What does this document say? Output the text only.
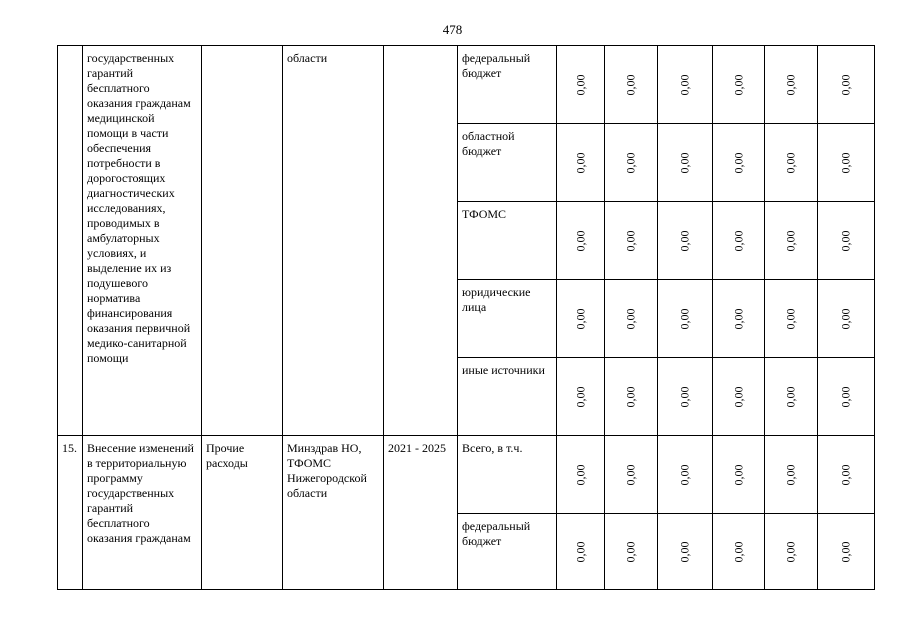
478
	государственных гарантий бесплатного оказания гражданам медицинской помощи в части обеспечения потребности в дорогостоящих диагностических исследованиях, проводимых в амбулаторных условиях, и выделение их из подушевого норматива финансирования оказания первичной медико-санитарной помощи		области		федеральный бюджет	0,00	0,00	0,00	0,00	0,00	0,00

					областной бюджет	0,00	0,00	0,00	0,00	0,00	0,00

					ТФОМС	0,00	0,00	0,00	0,00	0,00	0,00

					юридические лица	0,00	0,00	0,00	0,00	0,00	0,00

					иные источники	0,00	0,00	0,00	0,00	0,00	0,00

15.	Внесение изменений в территориальную программу государственных гарантий бесплатного оказания гражданам	Прочие расходы	Минздрав НО, ТФОМС Нижегородской области	2021 - 2025	Всего, в т.ч.	0,00	0,00	0,00	0,00	0,00	0,00

					федеральный бюджет	0,00	0,00	0,00	0,00	0,00	0,00
